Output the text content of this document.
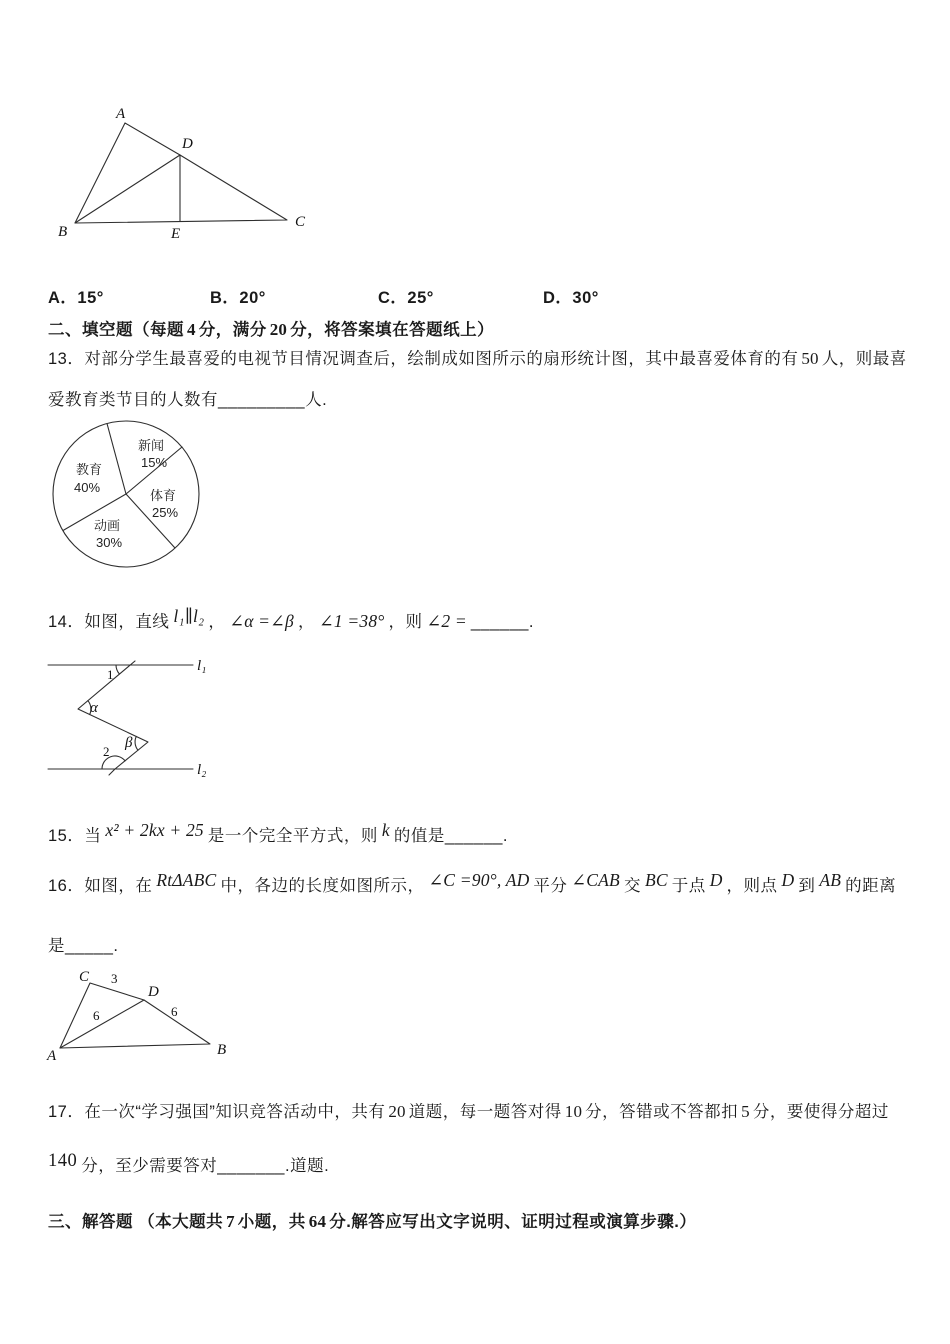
A
B
C
D
E
A．15°	B．20°	C．25°	D．30°
二、填空题（每题 4 分，满分 20 分，将答案填在答题纸上）
13．对部分学生最喜爱的电视节目情况调查后，绘制成如图所示的扇形统计图，其中最喜爱体育的有 50 人，则最喜
爱教育类节目的人数有_________人.
教育
40%
新闻
15%
体育
25%
动画
30%
14．如图，直线 l₁∥l₂ ， ∠α =∠β ， ∠1 =38° ，则 ∠2 = ______.
l₁
l₂
1
α
β
2
15．当 x² + 2kx + 25 是一个完全平方式，则 k 的值是______.
16．如图，在 RtΔABC 中，各边的长度如图所示， ∠C =90°, AD 平分 ∠CAB 交 BC 于点 D ，则点 D 到 AB 的距离
是_____.
A	B
C
D
3
6	6
17．在一次“学习强国”知识竞答活动中，共有 20 道题，每一题答对得 10 分，答错或不答都扣 5 分，要使得分超过
140 分，至少需要答对_______.道题.
三、解答题 （本大题共 7 小题，共 64 分.解答应写出文字说明、证明过程或演算步骤.）
